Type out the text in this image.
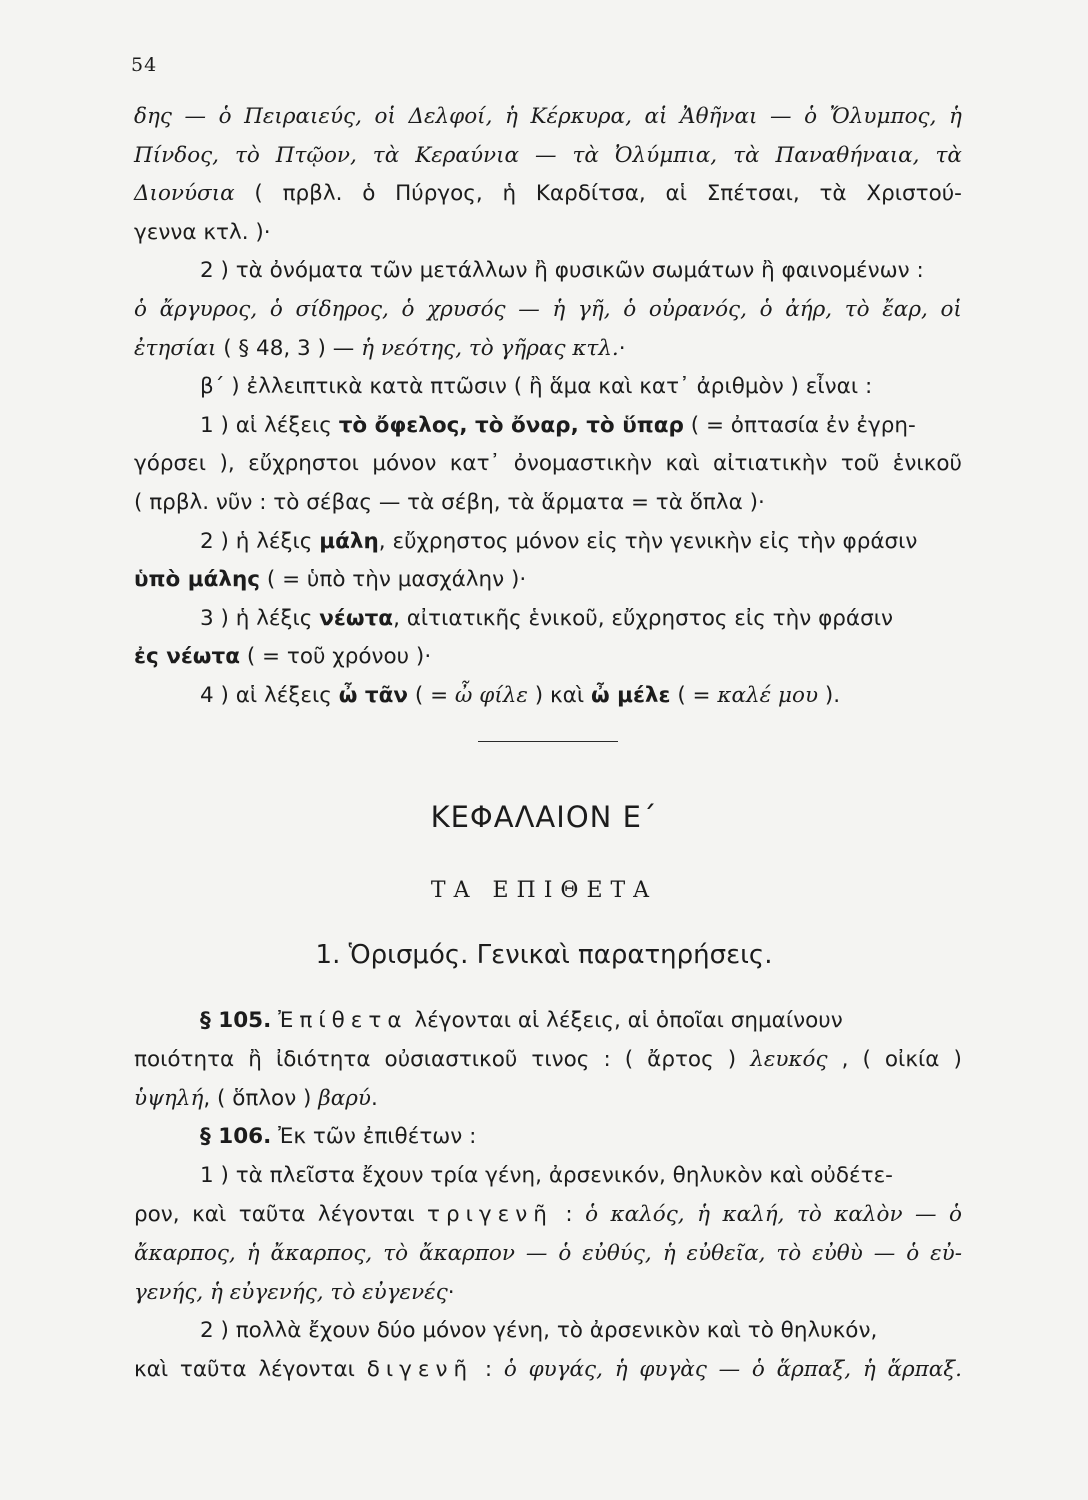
54
δης — ὁ Πειραιεύς, οἱ Δελφοί, ἡ Κέρκυρα, αἱ Ἀθῆναι — ὁ Ὄλυμπος, ἡ
Πίνδος, τὸ Πτῷον, τὰ Κεραύνια — τὰ Ὀλύμπια, τὰ Παναθήναια, τὰ
Διονύσια ( πρβλ. ὁ Πύργος, ἡ Καρδίτσα, αἱ Σπέτσαι, τὰ Χριστού-
γεννα κτλ. )·
2 ) τὰ ὀνόματα τῶν μετάλλων ἢ φυσικῶν σωμάτων ἢ φαινομένων :
ὁ ἄργυρος, ὁ σίδηρος, ὁ χρυσός — ἡ γῆ, ὁ οὐρανός, ὁ ἀήρ, τὸ ἔαρ, οἱ
ἐτησίαι ( § 48, 3 ) — ἡ νεότης, τὸ γῆρας κτλ. ·
β΄ ) ἐλλειπτικὰ κατὰ πτῶσιν ( ἢ ἅμα καὶ κατ᾽ ἀριθμὸν ) εἶναι :
1 ) αἱ λέξεις τὸ ὄφελος, τὸ ὄναρ, τὸ ὕπαρ ( = ὀπτασία ἐν ἐγρη-
γόρσει ), εὔχρηστοι μόνον κατ᾽ ὀνομαστικὴν καὶ αἰτιατικὴν τοῦ ἑνικοῦ
( πρβλ. νῦν : τὸ σέβας — τὰ σέβη, τὰ ἅρματα = τὰ ὅπλα )·
2 ) ἡ λέξις μάλη , εὔχρηστος μόνον εἰς τὴν γενικὴν εἰς τὴν φράσιν
ὑπὸ μάλης ( = ὑπὸ τὴν μασχάλην )·
3 ) ἡ λέξις νέωτα , αἰτιατικῆς ἑνικοῦ, εὔχρηστος εἰς τὴν φράσιν
ἐς νέωτα ( = τοῦ χρόνου )·
4 ) αἱ λέξεις ὦ τᾶν ( = ὦ φίλε ) καὶ ὦ μέλε ( = καλέ μου ).
ΚΕΦΑΛΑΙΟΝ Ε΄
ΤΑ ΕΠΙΘΕΤΑ
1. Ὁρισμός. Γενικαὶ παρατηρήσεις.
§ 105.
Ἐπίθετα λέγονται αἱ λέξεις, αἱ ὁποῖαι σημαίνουν
ποιότητα ἢ ἰδιότητα οὐσιαστικοῦ τινος : ( ἄρτος ) λευκός , ( οἰκία )
ὑψηλή , ( ὅπλον ) βαρύ .
§ 106. Ἐκ τῶν ἐπιθέτων :
1 ) τὰ πλεῖστα ἔχουν τρία γένη, ἀρσενικόν, θηλυκὸν καὶ οὐδέτε-
ρον, καὶ ταῦτα λέγονται τριγενῆ : ὁ καλός, ἡ καλή, τὸ καλὸν — ὁ
ἄκαρπος, ἡ ἄκαρπος, τὸ ἄκαρπον — ὁ εὐθύς, ἡ εὐθεῖα, τὸ εὐθὺ — ὁ εὐ-
γενής, ἡ εὐγενής, τὸ εὐγενές ·
2 ) πολλὰ ἔχουν δύο μόνον γένη, τὸ ἀρσενικὸν καὶ τὸ θηλυκόν,
καὶ ταῦτα λέγονται διγενῆ : ὁ φυγάς, ἡ φυγὰς — ὁ ἅρπαξ, ἡ ἅρπαξ.
